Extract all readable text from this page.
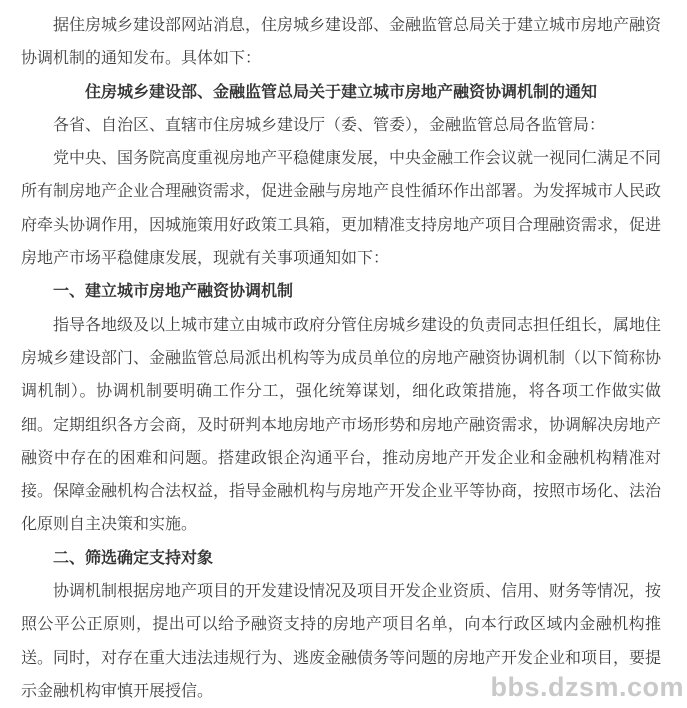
据住房城乡建设部网站消息，住房城乡建设部、金融监管总局关于建立城市房地产融资协调机制的通知发布。具体如下：

住房城乡建设部、金融监管总局关于建立城市房地产融资协调机制的通知

各省、自治区、直辖市住房城乡建设厅（委、管委），金融监管总局各监管局：

党中央、国务院高度重视房地产平稳健康发展，中央金融工作会议就一视同仁满足不同所有制房地产企业合理融资需求，促进金融与房地产良性循环作出部署。为发挥城市人民政府牵头协调作用，因城施策用好政策工具箱，更加精准支持房地产项目合理融资需求，促进房地产市场平稳健康发展，现就有关事项通知如下：

一、建立城市房地产融资协调机制

指导各地级及以上城市建立由城市政府分管住房城乡建设的负责同志担任组长，属地住房城乡建设部门、金融监管总局派出机构等为成员单位的房地产融资协调机制（以下简称协调机制）。协调机制要明确工作分工，强化统筹谋划，细化政策措施，将各项工作做实做细。定期组织各方会商，及时研判本地房地产市场形势和房地产融资需求，协调解决房地产融资中存在的困难和问题。搭建政银企沟通平台，推动房地产开发企业和金融机构精准对接。保障金融机构合法权益，指导金融机构与房地产开发企业平等协商，按照市场化、法治化原则自主决策和实施。

二、筛选确定支持对象

协调机制根据房地产项目的开发建设情况及项目开发企业资质、信用、财务等情况，按照公平公正原则，提出可以给予融资支持的房地产项目名单，向本行政区域内金融机构推送。同时，对存在重大违法违规行为、逃废金融债务等问题的房地产开发企业和项目，要提示金融机构审慎开展授信。	bbs.dzsm.com
